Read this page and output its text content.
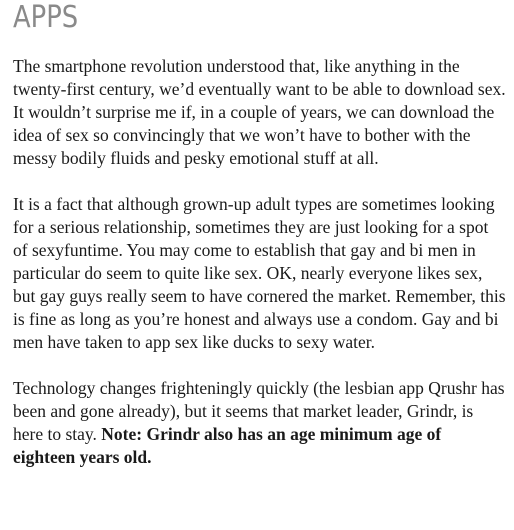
APPS

The smartphone revolution understood that, like anything in the twenty-first century, we’d eventually want to be able to download sex. It wouldn’t surprise me if, in a couple of years, we can download the idea of sex so convincingly that we won’t have to bother with the messy bodily fluids and pesky emotional stuff at all.

It is a fact that although grown-up adult types are sometimes looking for a serious relationship, sometimes they are just looking for a spot of sexyfuntime. You may come to establish that gay and bi men in particular do seem to quite like sex. OK, nearly everyone likes sex, but gay guys really seem to have cornered the market. Remember, this is fine as long as you’re honest and always use a condom. Gay and bi men have taken to app sex like ducks to sexy water.

Technology changes frighteningly quickly (the lesbian app Qrushr has been and gone already), but it seems that market leader, Grindr, is here to stay. Note: Grindr also has an age minimum age of eighteen years old.
